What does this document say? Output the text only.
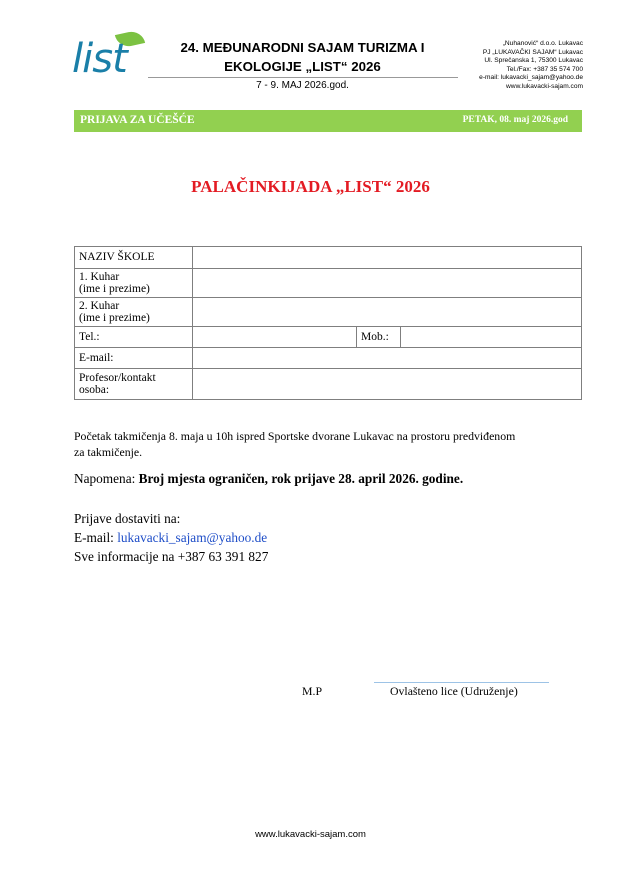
list	24. MEĐUNARODNI SAJAM TURIZMA I
EKOLOGIJE „LIST“ 2026
7 - 9. MAJ 2026.god.
„Nuhanović“ d.o.o. Lukavac
PJ „LUKAVAČKI SAJAM“ Lukavac
Ul. Sprečanska 1, 75300 Lukavac
Tel./Fax: +387 35 574 700
e-mail: lukavacki_sajam@yahoo.de
www.lukavacki-sajam.com
PRIJAVA ZA UČEŠĆE	PETAK, 08. maj 2026.god
PALAČINKIJADA „LIST“ 2026
NAZIV ŠKOLE			

1. Kuhar
(ime i prezime)			

2. Kuhar
(ime i prezime)			

Tel.:		Mob.:	
E-mail:			

Profesor/kontakt
osoba:			

Početak takmičenja 8. maja u 10h ispred Sportske dvorane Lukavac na prostoru predviđenom
za takmičenje.
Napomena: Broj mjesta ograničen, rok prijave 28. april 2026. godine.
Prijave dostaviti na:
E-mail: lukavacki_sajam@yahoo.de
Sve informacije na +387 63 391 827
M.P	Ovlašteno lice (Udruženje)
www.lukavacki-sajam.com
